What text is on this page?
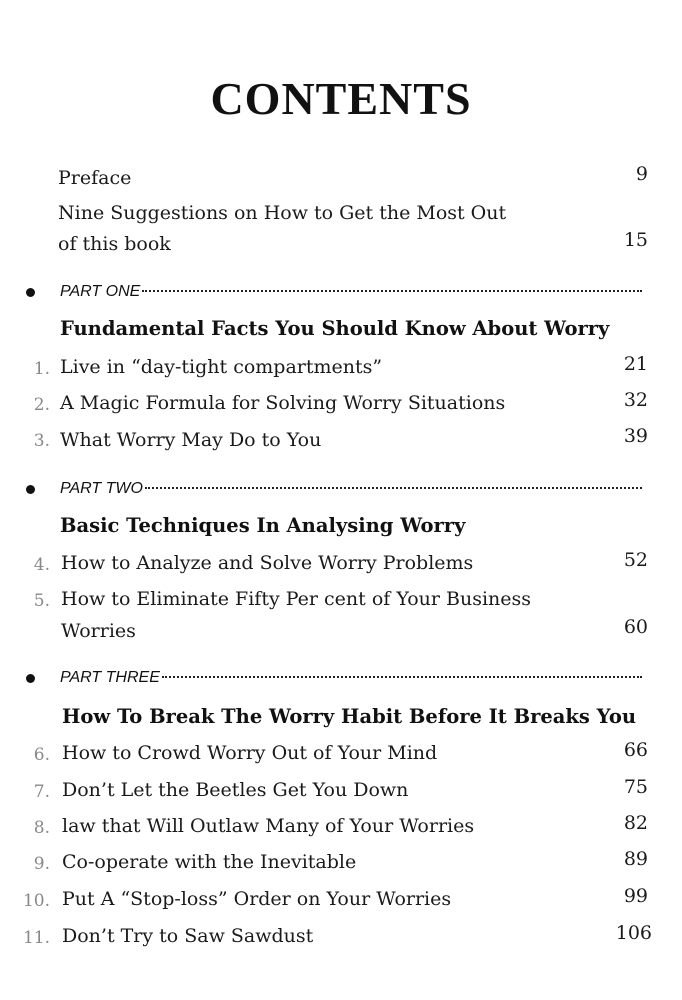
CONTENTS
Preface	9
Nine Suggestions on How to Get the Most Out
of this book	15
PART ONE
Fundamental Facts You Should Know About Worry
1. Live in “day-tight compartments”	21
2. A Magic Formula for Solving Worry Situations	32
3. What Worry May Do to You	39
PART TWO
Basic Techniques In Analysing Worry
4. How to Analyze and Solve Worry Problems	52
5. How to Eliminate Fifty Per cent of Your Business
Worries	60
PART THREE
How To Break The Worry Habit Before It Breaks You
6. How to Crowd Worry Out of Your Mind	66
7. Don’t Let the Beetles Get You Down	75
8. law that Will Outlaw Many of Your Worries	82
9. Co-operate with the Inevitable	89
10. Put A “Stop-loss” Order on Your Worries	99
11. Don’t Try to Saw Sawdust	106
